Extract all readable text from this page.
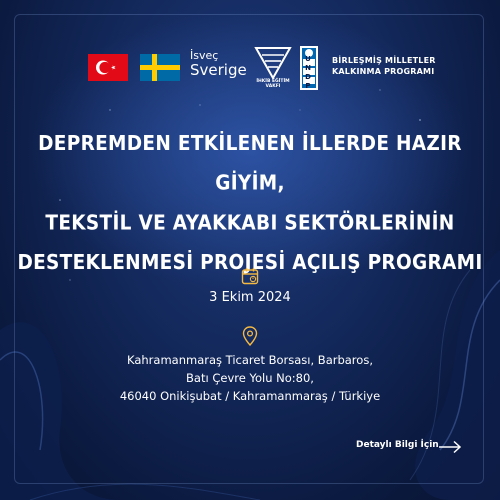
İsveç
Sverige
İHKİB EĞİTİM VAKFI
U
N
D
P
BİRLEŞMİŞ MİLLETLER
KALKINMA PROGRAMI
DEPREMDEN ETKİLENEN İLLERDE HAZIR GİYİM,
TEKSTİL VE AYAKKABI SEKTÖRLERİNİN
DESTEKLENMESİ PROJESİ AÇILIŞ PROGRAMI
3 Ekim 2024
Kahramanmaraş Ticaret Borsası, Barbaros,
Batı Çevre Yolu No:80,
46040 Onikişubat / Kahramanmaraş / Türkiye
Detaylı Bilgi İçin
